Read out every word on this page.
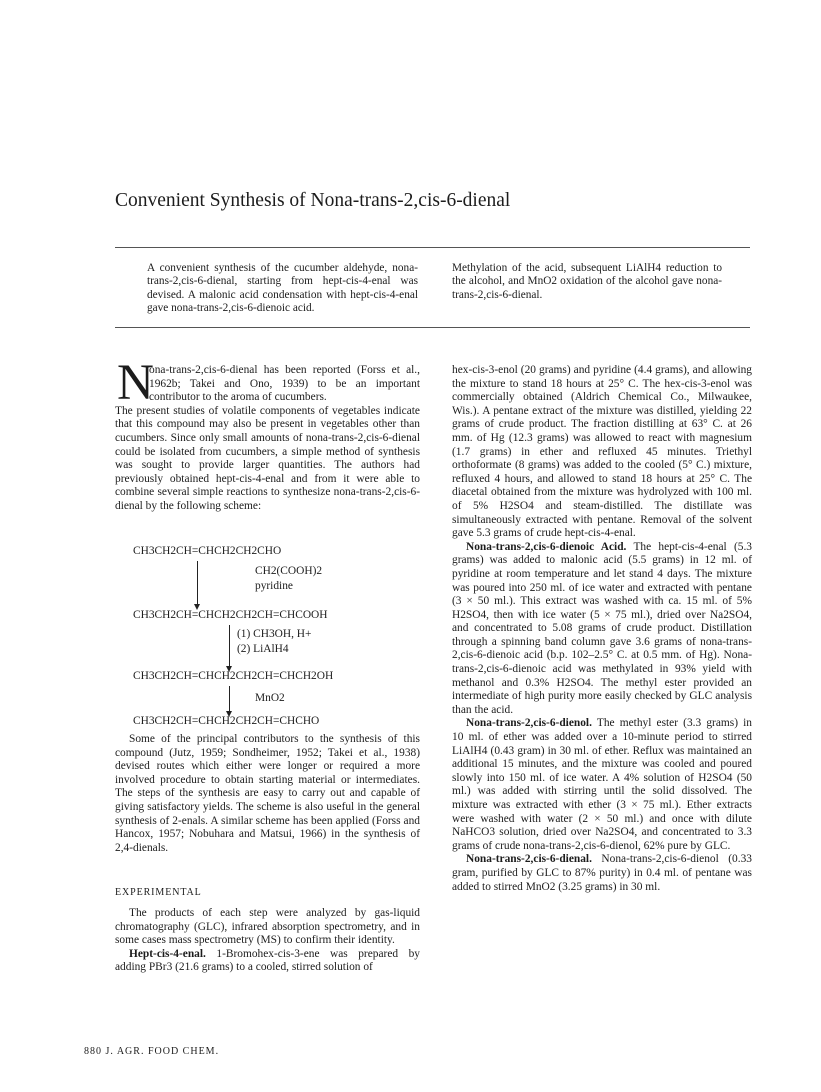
Convenient Synthesis of Nona-trans-2,cis-6-dienal
A convenient synthesis of the cucumber aldehyde, nona-trans-2,cis-6-dienal, starting from hept-cis-4-enal was devised. A malonic acid condensation with hept-cis-4-enal gave nona-trans-2,cis-6-dienoic acid.
Methylation of the acid, subsequent LiAlH4 reduction to the alcohol, and MnO2 oxidation of the alcohol gave nona-trans-2,cis-6-dienal.
N

ona-trans-2,cis-6-dienal has been reported (Forss et al., 1962b; Takei and Ono, 1939) to be an important contributor to the aroma of cucumbers.

The present studies of volatile components of vegetables indicate that this compound may also be present in vegetables other than cucumbers. Since only small amounts of nona-trans-2,cis-6-dienal could be isolated from cucumbers, a simple method of synthesis was sought to provide larger quantities. The authors had previously obtained hept-cis-4-enal and from it were able to combine several simple reactions to synthesize nona-trans-2,cis-6-dienal by the following scheme:

CH3CH2CH=CHCH2CH2CHO
CH2(COOH)2
pyridine
CH3CH2CH=CHCH2CH2CH=CHCOOH
(1) CH3OH, H+
(2) LiAlH4
CH3CH2CH=CHCH2CH2CH=CHCH2OH
MnO2
CH3CH2CH=CHCH2CH2CH=CHCHO

Some of the principal contributors to the synthesis of this compound (Jutz, 1959; Sondheimer, 1952; Takei et al., 1938) devised routes which either were longer or required a more involved procedure to obtain starting material or intermediates. The steps of the synthesis are easy to carry out and capable of giving satisfactory yields. The scheme is also useful in the general synthesis of 2-enals. A similar scheme has been applied (Forss and Hancox, 1957; Nobuhara and Matsui, 1966) in the synthesis of 2,4-dienals.

EXPERIMENTAL

The products of each step were analyzed by gas-liquid chromatography (GLC), infrared absorption spectrometry, and in some cases mass spectrometry (MS) to confirm their identity.

Hept-cis-4-enal. 1-Bromohex-cis-3-ene was prepared by adding PBr3 (21.6 grams) to a cooled, stirred solution of

hex-cis-3-enol (20 grams) and pyridine (4.4 grams), and allowing the mixture to stand 18 hours at 25° C. The hex-cis-3-enol was commercially obtained (Aldrich Chemical Co., Milwaukee, Wis.). A pentane extract of the mixture was distilled, yielding 22 grams of crude product. The fraction distilling at 63° C. at 26 mm. of Hg (12.3 grams) was allowed to react with magnesium (1.7 grams) in ether and refluxed 45 minutes. Triethyl orthoformate (8 grams) was added to the cooled (5° C.) mixture, refluxed 4 hours, and allowed to stand 18 hours at 25° C. The diacetal obtained from the mixture was hydrolyzed with 100 ml. of 5% H2SO4 and steam-distilled. The distillate was simultaneously extracted with pentane. Removal of the solvent gave 5.3 grams of crude hept-cis-4-enal.

Nona-trans-2,cis-6-dienoic Acid. The hept-cis-4-enal (5.3 grams) was added to malonic acid (5.5 grams) in 12 ml. of pyridine at room temperature and let stand 4 days. The mixture was poured into 250 ml. of ice water and extracted with pentane (3 × 50 ml.). This extract was washed with ca. 15 ml. of 5% H2SO4, then with ice water (5 × 75 ml.), dried over Na2SO4, and concentrated to 5.08 grams of crude product. Distillation through a spinning band column gave 3.6 grams of nona-trans-2,cis-6-dienoic acid (b.p. 102–2.5° C. at 0.5 mm. of Hg). Nona-trans-2,cis-6-dienoic acid was methylated in 93% yield with methanol and 0.3% H2SO4. The methyl ester provided an intermediate of high purity more easily checked by GLC analysis than the acid.

Nona-trans-2,cis-6-dienol. The methyl ester (3.3 grams) in 10 ml. of ether was added over a 10-minute period to stirred LiAlH4 (0.43 gram) in 30 ml. of ether. Reflux was maintained an additional 15 minutes, and the mixture was cooled and poured slowly into 150 ml. of ice water. A 4% solution of H2SO4 (50 ml.) was added with stirring until the solid dissolved. The mixture was extracted with ether (3 × 75 ml.). Ether extracts were washed with water (2 × 50 ml.) and once with dilute NaHCO3 solution, dried over Na2SO4, and concentrated to 3.3 grams of crude nona-trans-2,cis-6-dienol, 62% pure by GLC.

Nona-trans-2,cis-6-dienal. Nona-trans-2,cis-6-dienol (0.33 gram, purified by GLC to 87% purity) in 0.4 ml. of pentane was added to stirred MnO2 (3.25 grams) in 30 ml.

880 J. AGR. FOOD CHEM.
